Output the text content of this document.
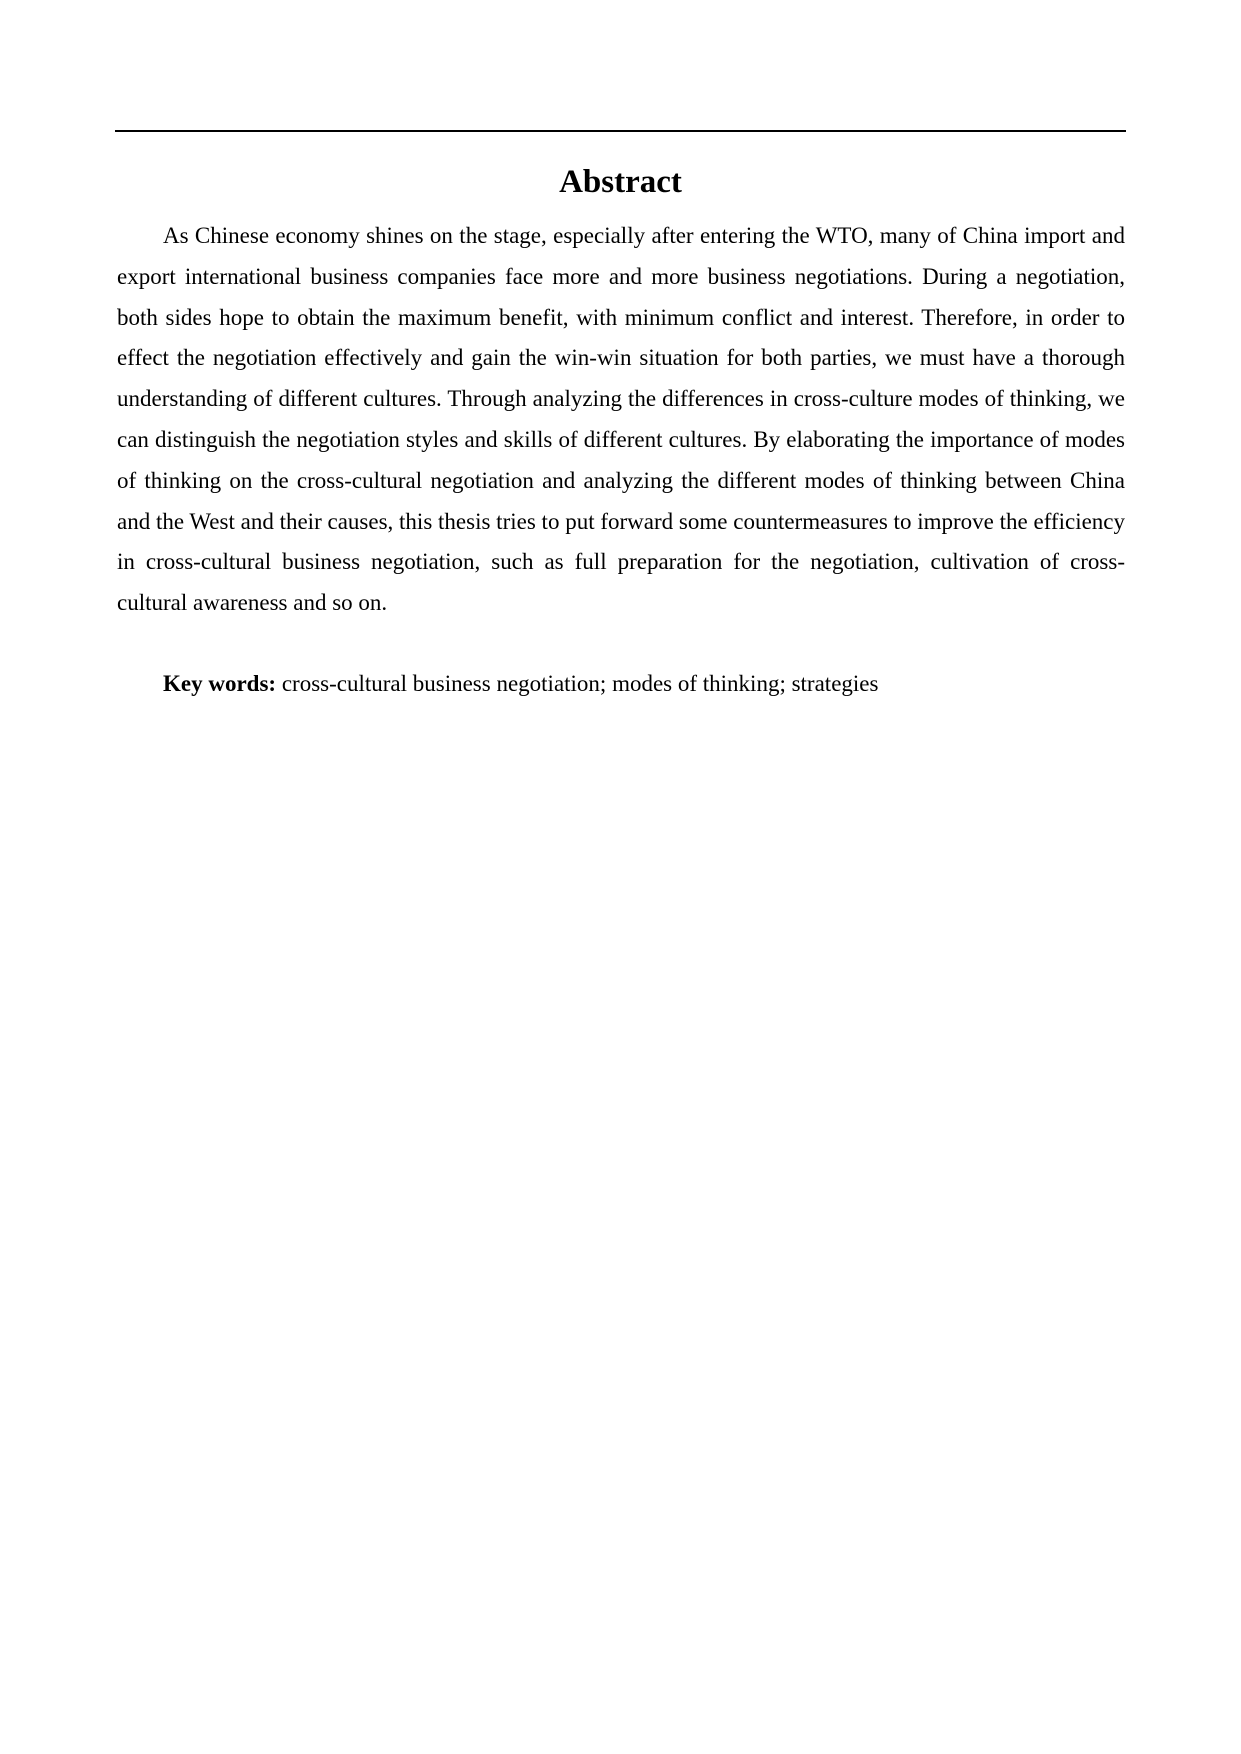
Abstract

As Chinese economy shines on the stage, especially after entering the WTO, many of China import and export international business companies face more and more business negotiations. During a negotiation, both sides hope to obtain the maximum benefit, with minimum conflict and interest. Therefore, in order to effect the negotiation effectively and gain the win-win situation for both parties, we must have a thorough understanding of different cultures. Through analyzing the differences in cross-culture modes of thinking, we can distinguish the negotiation styles and skills of different cultures. By elaborating the importance of modes of thinking on the cross-cultural negotiation and analyzing the different modes of thinking between China and the West and their causes, this thesis tries to put forward some countermeasures to improve the efficiency in cross-cultural business negotiation, such as full preparation for the negotiation, cultivation of cross-cultural awareness and so on.

Key words: cross-cultural business negotiation; modes of thinking; strategies
